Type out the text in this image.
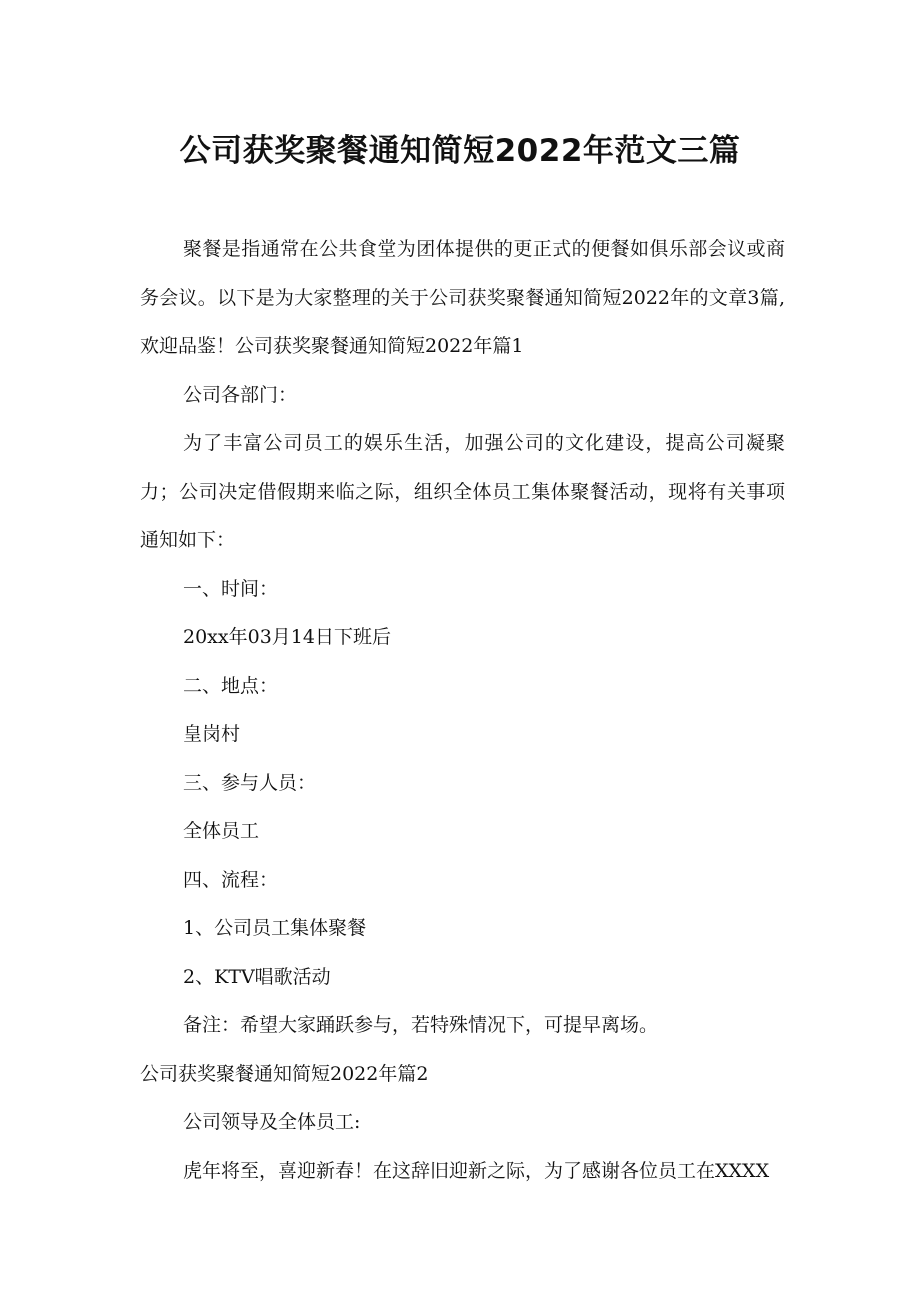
公司获奖聚餐通知简短2022年范文三篇

聚餐是指通常在公共食堂为团体提供的更正式的便餐如俱乐部会议或商务会议。以下是为大家整理的关于公司获奖聚餐通知简短2022年的文章3篇,欢迎品鉴！公司获奖聚餐通知简短2022年篇1

公司各部门：

为了丰富公司员工的娱乐生活，加强公司的文化建设，提高公司凝聚力；公司决定借假期来临之际，组织全体员工集体聚餐活动，现将有关事项通知如下：

一、时间：

20xx年03月14日下班后

二、地点：

皇岗村

三、参与人员：

全体员工

四、流程：

1、公司员工集体聚餐

2、KTV唱歌活动

备注：希望大家踊跃参与，若特殊情况下，可提早离场。

公司获奖聚餐通知简短2022年篇2

公司领导及全体员工:

虎年将至，喜迎新春！在这辞旧迎新之际，为了感谢各位员工在XXXX
